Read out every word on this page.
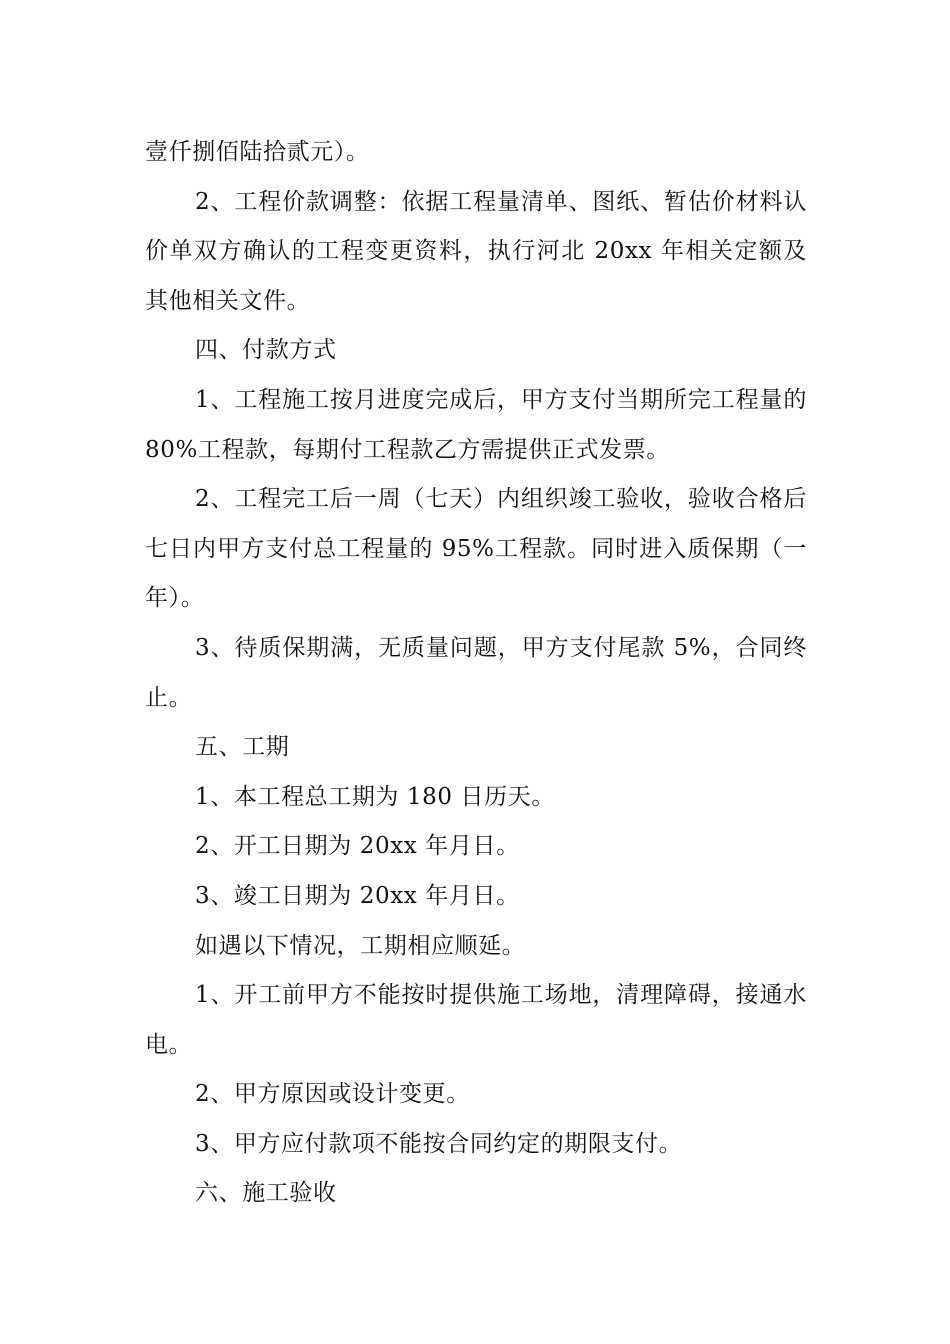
壹仟捌佰陆拾贰元）。

2、工程价款调整：依据工程量清单、图纸、暂估价材料认价单双方确认的工程变更资料，执行河北 20xx 年相关定额及其他相关文件。

四、付款方式

1、工程施工按月进度完成后，甲方支付当期所完工程量的 80%工程款，每期付工程款乙方需提供正式发票。

2、工程完工后一周（七天）内组织竣工验收，验收合格后七日内甲方支付总工程量的 95%工程款。同时进入质保期（一年）。

3、待质保期满，无质量问题，甲方支付尾款 5%，合同终止。

五、工期

1、本工程总工期为 180 日历天。

2、开工日期为 20xx 年月日。

3、竣工日期为 20xx 年月日。

如遇以下情况，工期相应顺延。

1、开工前甲方不能按时提供施工场地，清理障碍，接通水电。

2、甲方原因或设计变更。

3、甲方应付款项不能按合同约定的期限支付。

六、施工验收
